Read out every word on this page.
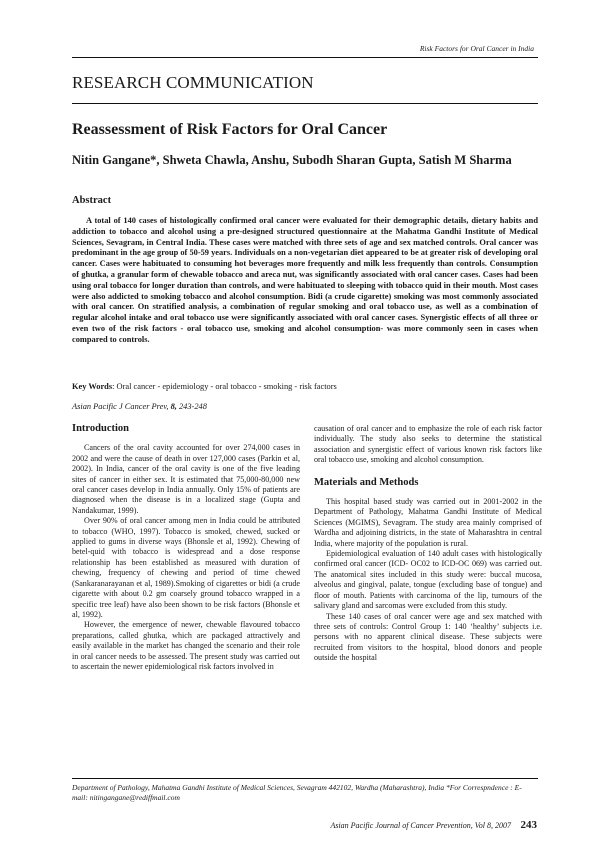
Risk Factors for Oral Cancer in India
RESEARCH COMMUNICATION
Reassessment of Risk Factors for Oral Cancer
Nitin Gangane*, Shweta Chawla, Anshu, Subodh Sharan Gupta, Satish M Sharma
Abstract

A total of 140 cases of histologically confirmed oral cancer were evaluated for their demographic details, dietary habits and addiction to tobacco and alcohol using a pre-designed structured questionnaire at the Mahatma Gandhi Institute of Medical Sciences, Sevagram, in Central India. These cases were matched with three sets of age and sex matched controls. Oral cancer was predominant in the age group of 50-59 years. Individuals on a non-vegetarian diet appeared to be at greater risk of developing oral cancer. Cases were habituated to consuming hot beverages more frequently and milk less frequently than controls. Consumption of ghutka, a granular form of chewable tobacco and areca nut, was significantly associated with oral cancer cases. Cases had been using oral tobacco for longer duration than controls, and were habituated to sleeping with tobacco quid in their mouth. Most cases were also addicted to smoking tobacco and alcohol consumption. Bidi (a crude cigarette) smoking was most commonly associated with oral cancer. On stratified analysis, a combination of regular smoking and oral tobacco use, as well as a combination of regular alcohol intake and oral tobacco use were significantly associated with oral cancer cases. Synergistic effects of all three or even two of the risk factors - oral tobacco use, smoking and alcohol consumption- was more commonly seen in cases when compared to controls.

Key Words: Oral cancer - epidemiology - oral tobacco - smoking - risk factors
Asian Pacific J Cancer Prev, 8, 243-248
Introduction

Cancers of the oral cavity accounted for over 274,000 cases in 2002 and were the cause of death in over 127,000 cases (Parkin et al, 2002). In India, cancer of the oral cavity is one of the five leading sites of cancer in either sex. It is estimated that 75,000-80,000 new oral cancer cases develop in India annually. Only 15% of patients are diagnosed when the disease is in a localized stage (Gupta and Nandakumar, 1999).

Over 90% of oral cancer among men in India could be attributed to tobacco (WHO, 1997). Tobacco is smoked, chewed, sucked or applied to gums in diverse ways (Bhonsle et al, 1992). Chewing of betel-quid with tobacco is widespread and a dose response relationship has been established as measured with duration of chewing, frequency of chewing and period of time chewed (Sankaranarayanan et al, 1989).Smoking of cigarettes or bidi (a crude cigarette with about 0.2 gm coarsely ground tobacco wrapped in a specific tree leaf) have also been shown to be risk factors (Bhonsle et al, 1992).

However, the emergence of newer, chewable flavoured tobacco preparations, called ghutka, which are packaged attractively and easily available in the market has changed the scenario and their role in oral cancer needs to be assessed. The present study was carried out to ascertain the newer epidemiological risk factors involved in

causation of oral cancer and to emphasize the role of each risk factor individually. The study also seeks to determine the statistical association and synergistic effect of various known risk factors like oral tobacco use, smoking and alcohol consumption.

Materials and Methods

This hospital based study was carried out in 2001-2002 in the Department of Pathology, Mahatma Gandhi Institute of Medical Sciences (MGIMS), Sevagram. The study area mainly comprised of Wardha and adjoining districts, in the state of Maharashtra in central India, where majority of the population is rural.

Epidemiological evaluation of 140 adult cases with histologically confirmed oral cancer (ICD- OC02 to ICD-OC 069) was carried out. The anatomical sites included in this study were: buccal mucosa, alveolus and gingival, palate, tongue (excluding base of tongue) and floor of mouth. Patients with carcinoma of the lip, tumours of the salivary gland and sarcomas were excluded from this study.

These 140 cases of oral cancer were age and sex matched with three sets of controls: Control Group 1: 140 ‘healthy’ subjects i.e. persons with no apparent clinical disease. These subjects were recruited from visitors to the hospital, blood donors and people outside the hospital

Department of Pathology, Mahatma Gandhi Institute of Medical Sciences, Sevagram 442102, Wardha (Maharashtra), India *For Correspndence : E- mail: nitingangane@rediffmail.com
Asian Pacific Journal of Cancer Prevention, Vol 8, 2007 243
